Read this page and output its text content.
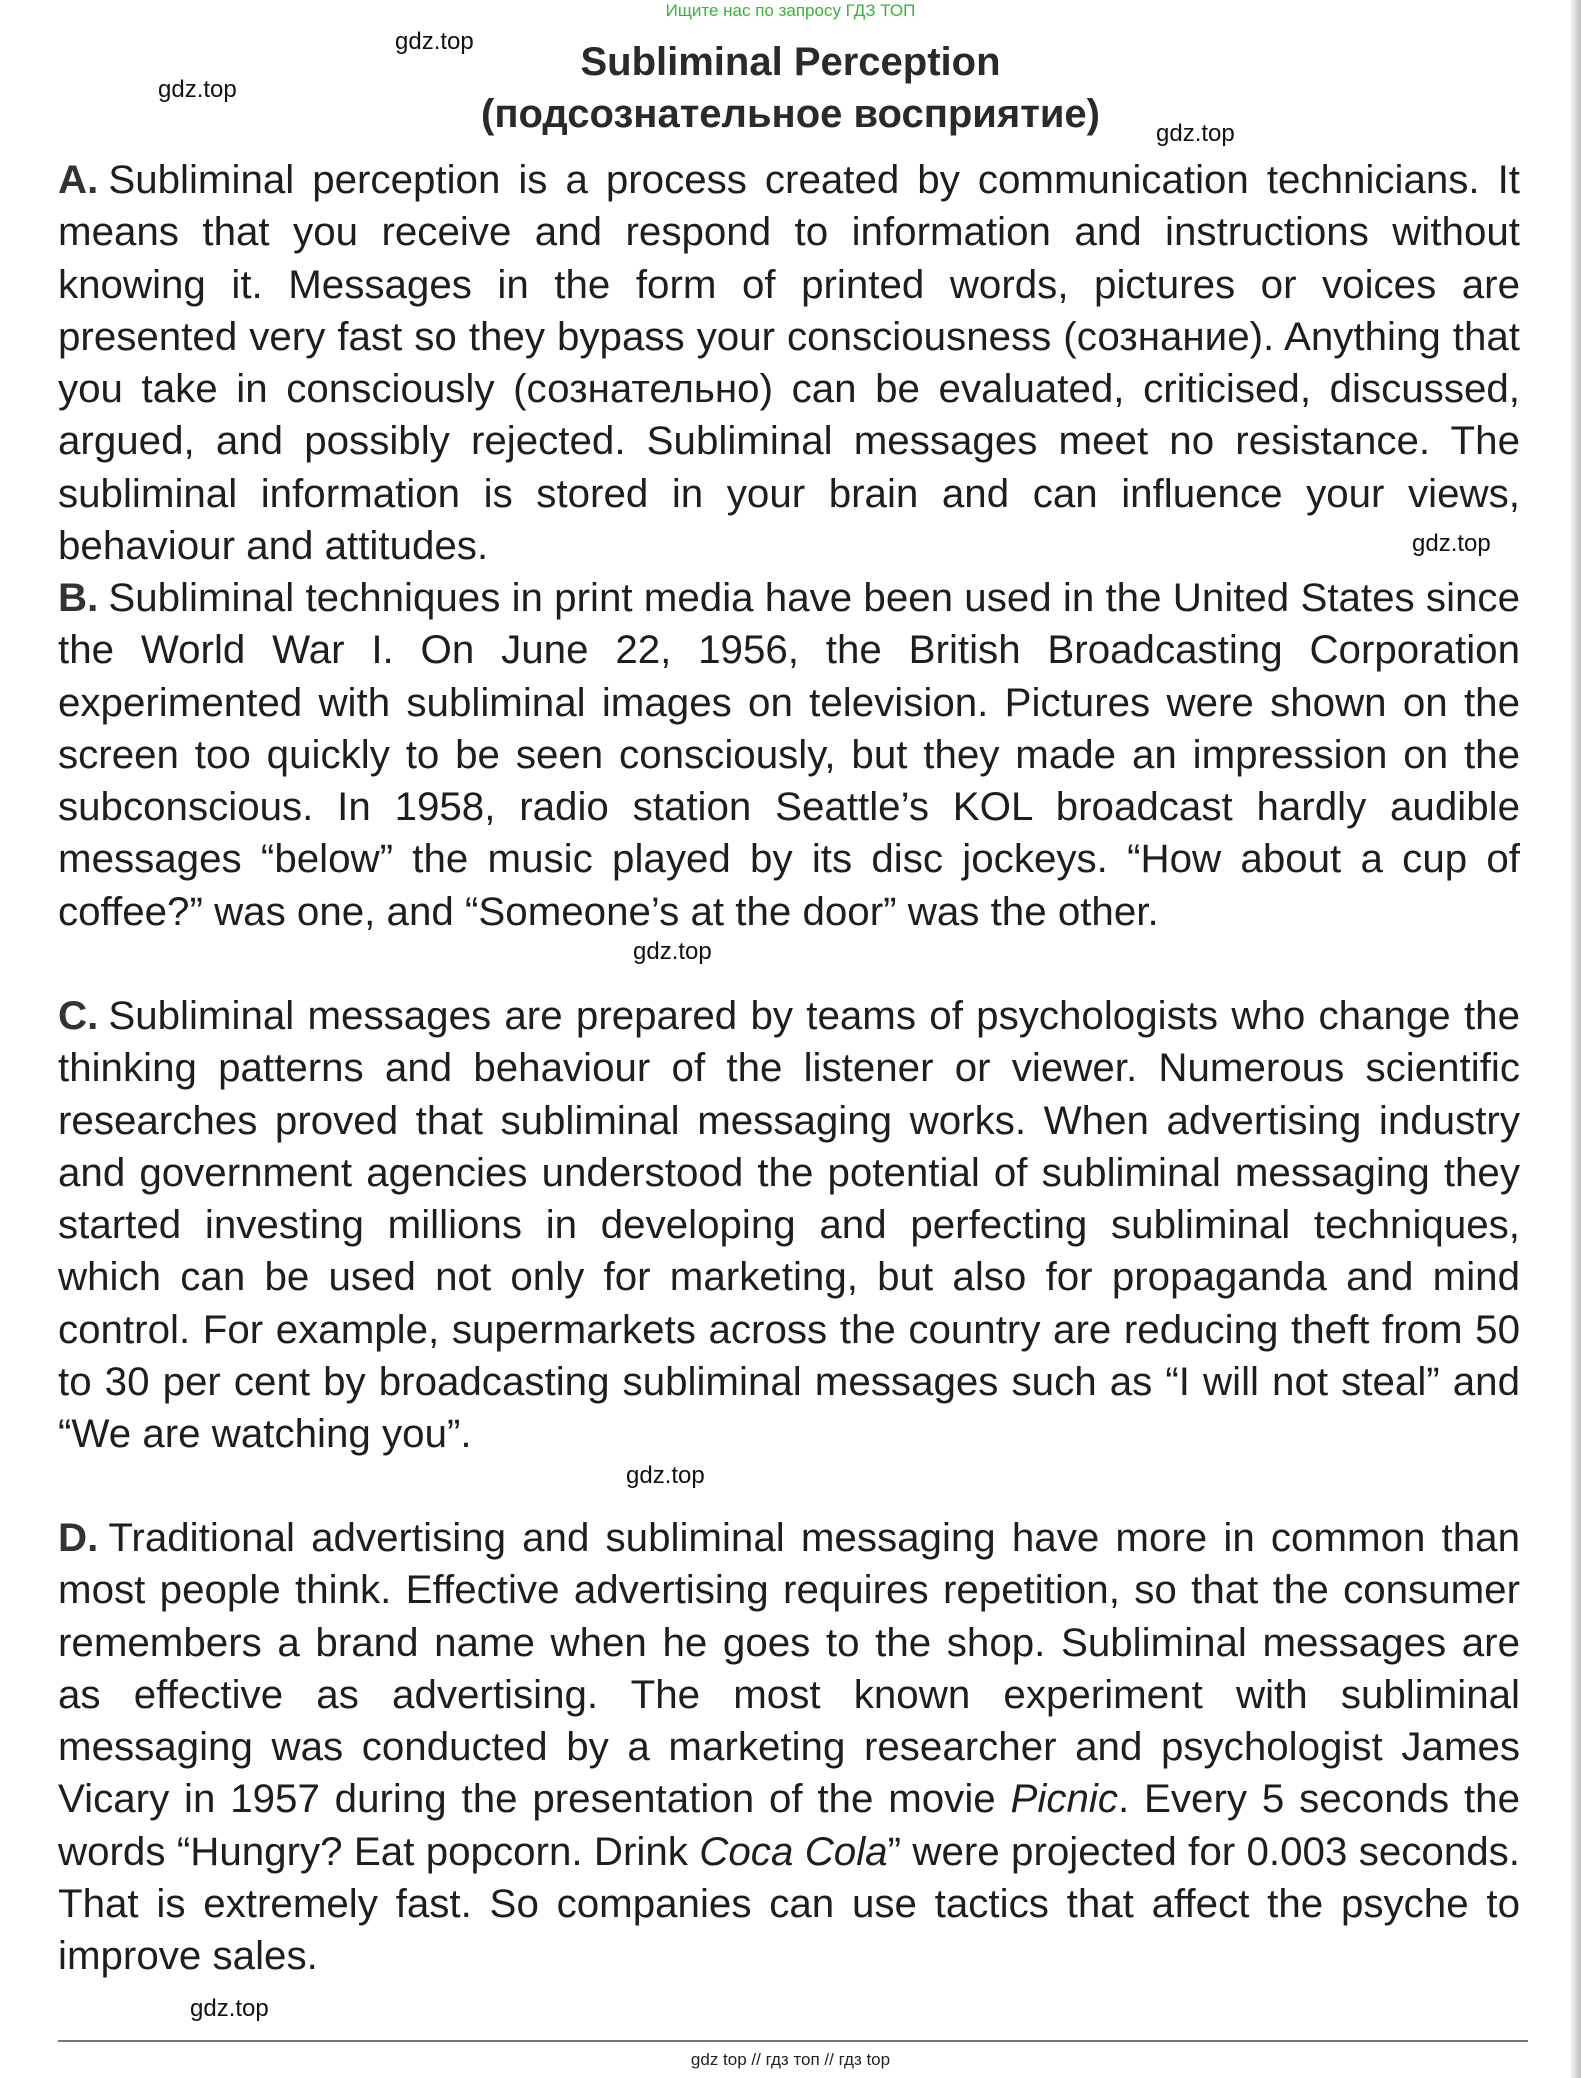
Ищите нас по запросу ГДЗ ТОП
Subliminal Perception
(подсознательное восприятие)
gdz.top
gdz.top
gdz.top

A. Subliminal perception is a process created by communication technicians. It means that you receive and respond to information and instructions without knowing it. Messages in the form of printed words, pictures or voices are presented very fast so they bypass your consciousness (сознание). Anything that you take in consciously (сознательно) can be evaluated, criticised, discussed, argued, and possibly rejected. Subliminal messages meet no resistance. The subliminal information is stored in your brain and can influence your views, behaviour and attitudes.	gdz.top

B. Subliminal techniques in print media have been used in the United States since the World War I. On June 22, 1956, the British Broadcasting Corporation experimented with subliminal images on television. Pictures were shown on the screen too quickly to be seen consciously, but they made an impression on the subconscious. In 1958, radio station Seattle’s KOL broadcast hardly audible messages “below” the music played by its disc jockeys. “How about a cup of coffee?” was one, and “Someone’s at the door” was the other.

gdz.top

C. Subliminal messages are prepared by teams of psychologists who change the thinking patterns and behaviour of the listener or viewer. Numerous scientific researches proved that subliminal messaging works. When advertising industry and government agencies understood the potential of subliminal messaging they started investing millions in developing and perfecting subliminal techniques, which can be used not only for marketing, but also for propaganda and mind control. For example, supermarkets across the country are reducing theft from 50 to 30 per cent by broadcasting subliminal messages such as “I will not steal” and “We are watching you”.

gdz.top

D. Traditional advertising and subliminal messaging have more in common than most people think. Effective advertising requires repetition, so that the consumer remembers a brand name when he goes to the shop. Subliminal messages are as effective as advertising. The most known experiment with subliminal messaging was conducted by a marketing researcher and psychologist James Vicary in 1957 during the presentation of the movie Picnic. Every 5 seconds the words “Hungry? Eat popcorn. Drink Coca Cola” were projected for 0.003 seconds. That is extremely fast. So companies can use tactics that affect the psyche to improve sales.

gdz.top
gdz top // гдз топ // гдз top
